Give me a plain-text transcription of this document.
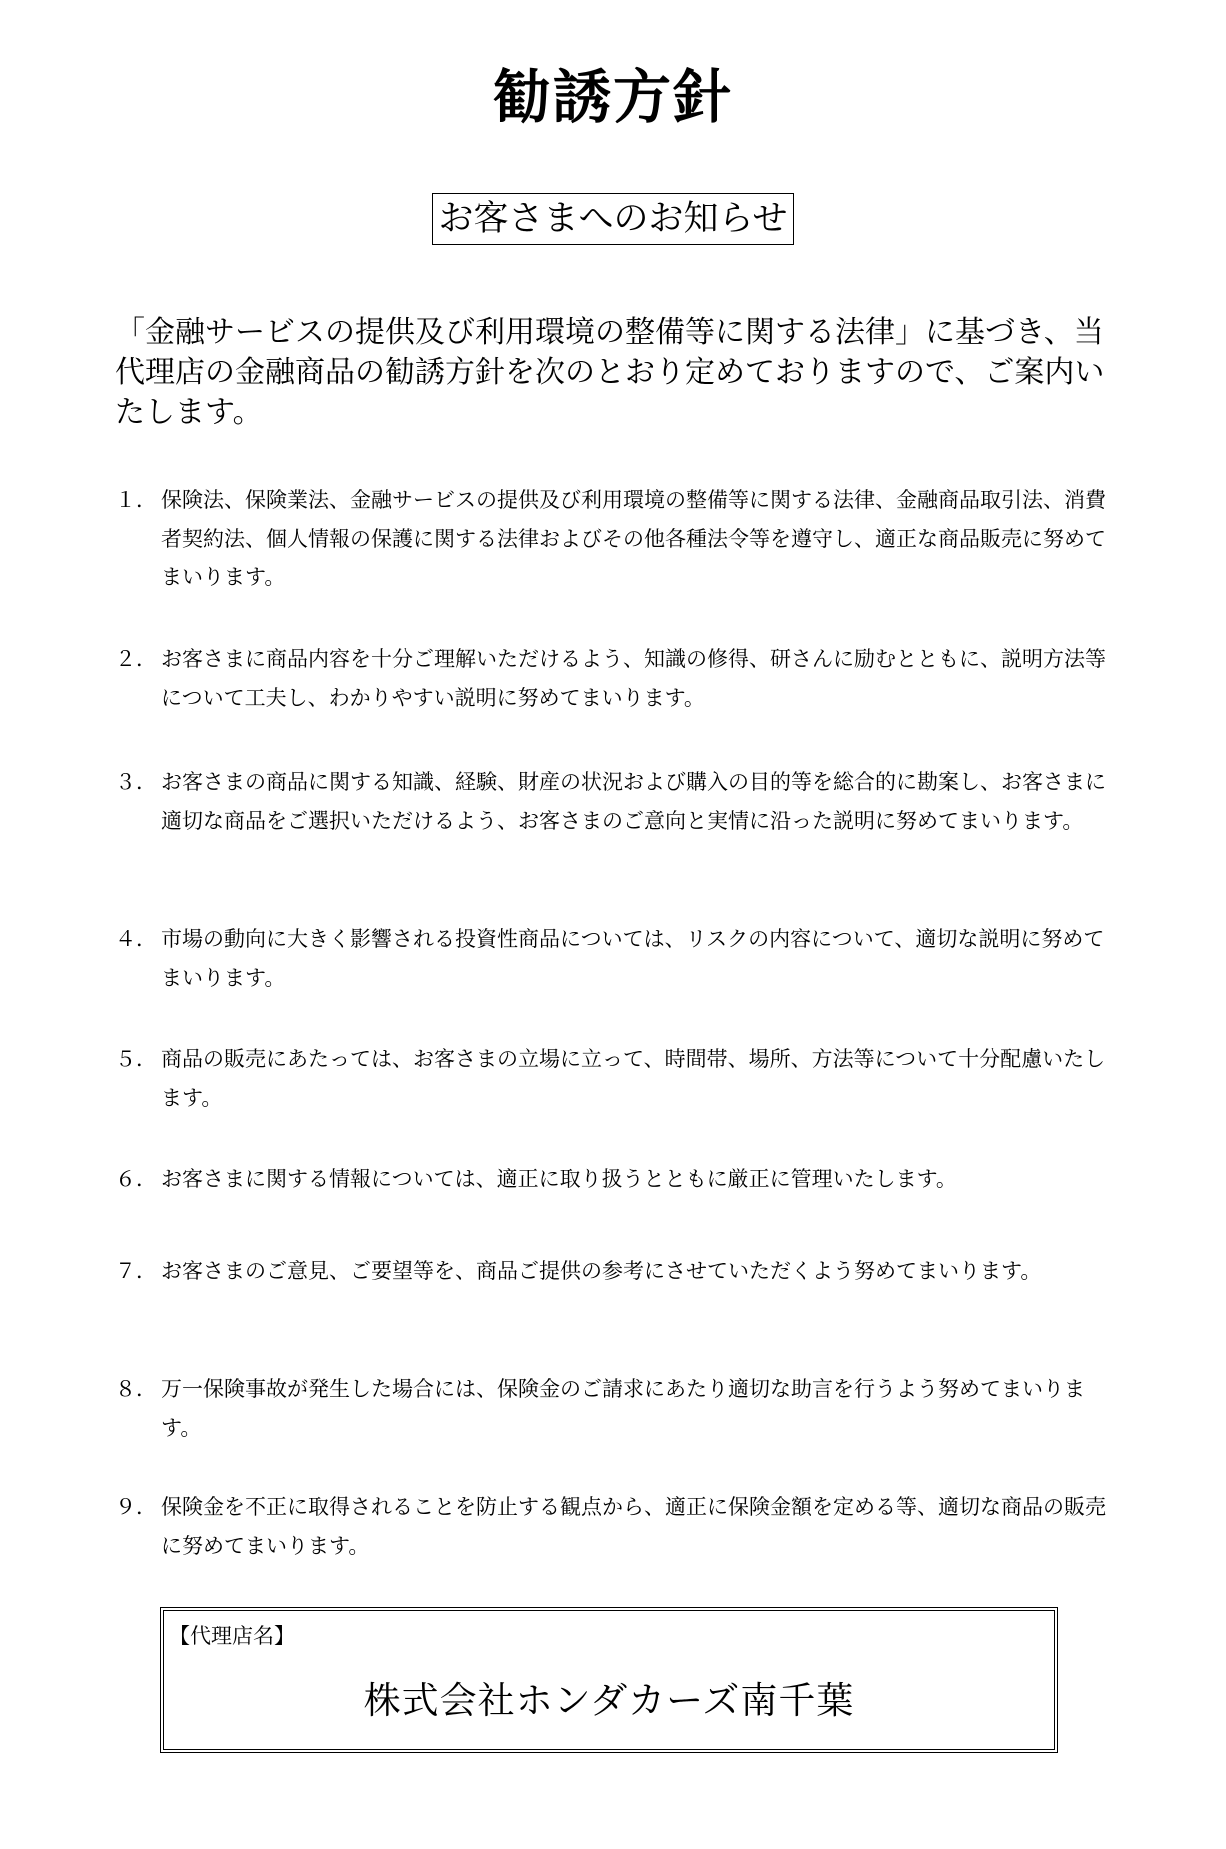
勧誘方針
お客さまへのお知らせ
「金融サービスの提供及び利用環境の整備等に関する法律」に基づき、当代理店の金融商品の勧誘方針を次のとおり定めておりますので、ご案内いたします。
１． 保険法、保険業法、金融サービスの提供及び利用環境の整備等に関する法律、金融商品取引法、消費者契約法、個人情報の保護に関する法律およびその他各種法令等を遵守し、適正な商品販売に努めてまいります。
２． お客さまに商品内容を十分ご理解いただけるよう、知識の修得、研さんに励むとともに、説明方法等について工夫し、わかりやすい説明に努めてまいります。
３． お客さまの商品に関する知識、経験、財産の状況および購入の目的等を総合的に勘案し、お客さまに適切な商品をご選択いただけるよう、お客さまのご意向と実情に沿った説明に努めてまいります。
４． 市場の動向に大きく影響される投資性商品については、リスクの内容について、適切な説明に努めてまいります。
５． 商品の販売にあたっては、お客さまの立場に立って、時間帯、場所、方法等について十分配慮いたします。
６． お客さまに関する情報については、適正に取り扱うとともに厳正に管理いたします。
７． お客さまのご意見、ご要望等を、商品ご提供の参考にさせていただくよう努めてまいります。
８． 万一保険事故が発生した場合には、保険金のご請求にあたり適切な助言を行うよう努めてまいります。
９． 保険金を不正に取得されることを防止する観点から、適正に保険金額を定める等、適切な商品の販売に努めてまいります。
【代理店名】
株式会社ホンダカーズ南千葉
